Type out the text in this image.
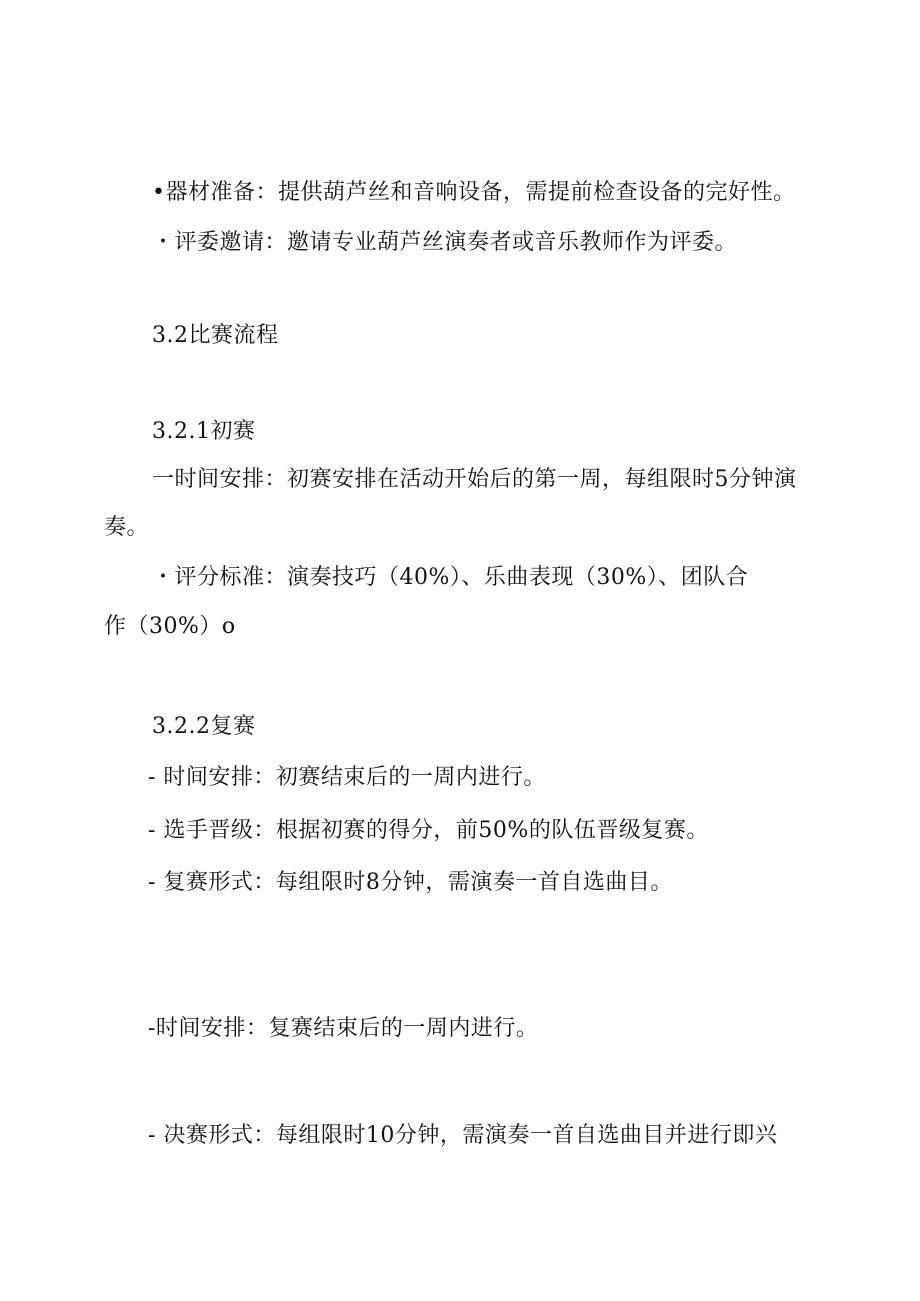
•器材准备：提供葫芦丝和音响设备，需提前检查设备的完好性。
・评委邀请：邀请专业葫芦丝演奏者或音乐教师作为评委。
3.2比赛流程
3.2.1初赛
一时间安排：初赛安排在活动开始后的第一周，每组限时5分钟演
奏。
・评分标准：演奏技巧（40%）、乐曲表现（30%）、团队合
作（30%）o
3.2.2复赛
- 时间安排：初赛结束后的一周内进行。
- 选手晋级：根据初赛的得分，前50%的队伍晋级复赛。
- 复赛形式：每组限时8分钟，需演奏一首自选曲目。
-时间安排：复赛结束后的一周内进行。
- 决赛形式：每组限时10分钟，需演奏一首自选曲目并进行即兴
